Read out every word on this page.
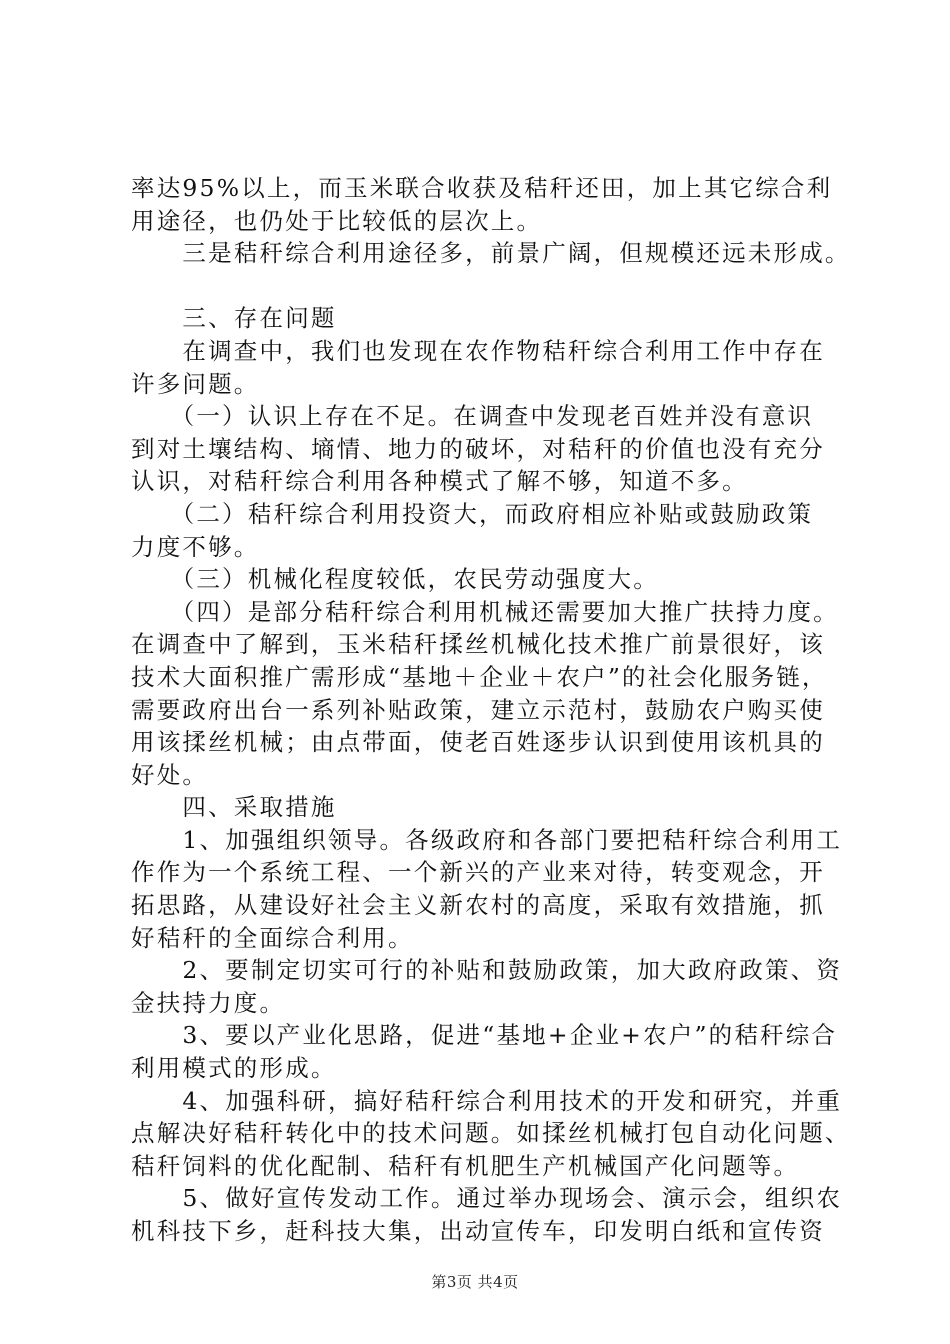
率达95%以上，而玉米联合收获及秸秆还田，加上其它综合利
用途径，也仍处于比较低的层次上。
　　三是秸秆综合利用途径多，前景广阔，但规模还远未形成。
　　三、存在问题
　　在调查中，我们也发现在农作物秸秆综合利用工作中存在
许多问题。
　　（一）认识上存在不足。在调查中发现老百姓并没有意识
到对土壤结构、墒情、地力的破坏，对秸秆的价值也没有充分
认识，对秸秆综合利用各种模式了解不够，知道不多。
　　（二）秸秆综合利用投资大，而政府相应补贴或鼓励政策
力度不够。
　　（三）机械化程度较低，农民劳动强度大。
　　（四）是部分秸秆综合利用机械还需要加大推广扶持力度。
在调查中了解到，玉米秸秆揉丝机械化技术推广前景很好，该
技术大面积推广需形成“基地＋企业＋农户”的社会化服务链，
需要政府出台一系列补贴政策，建立示范村，鼓励农户购买使
用该揉丝机械；由点带面，使老百姓逐步认识到使用该机具的
好处。
　　四、采取措施
　　1、加强组织领导。各级政府和各部门要把秸秆综合利用工
作作为一个系统工程、一个新兴的产业来对待，转变观念，开
拓思路，从建设好社会主义新农村的高度，采取有效措施，抓
好秸秆的全面综合利用。
　　2、要制定切实可行的补贴和鼓励政策，加大政府政策、资
金扶持力度。
　　3、要以产业化思路，促进“基地+企业+农户”的秸秆综合
利用模式的形成。
　　4、加强科研，搞好秸秆综合利用技术的开发和研究，并重
点解决好秸秆转化中的技术问题。如揉丝机械打包自动化问题、
秸秆饲料的优化配制、秸秆有机肥生产机械国产化问题等。
　　5、做好宣传发动工作。通过举办现场会、演示会，组织农
机科技下乡，赶科技大集，出动宣传车，印发明白纸和宣传资
第3页 共4页
